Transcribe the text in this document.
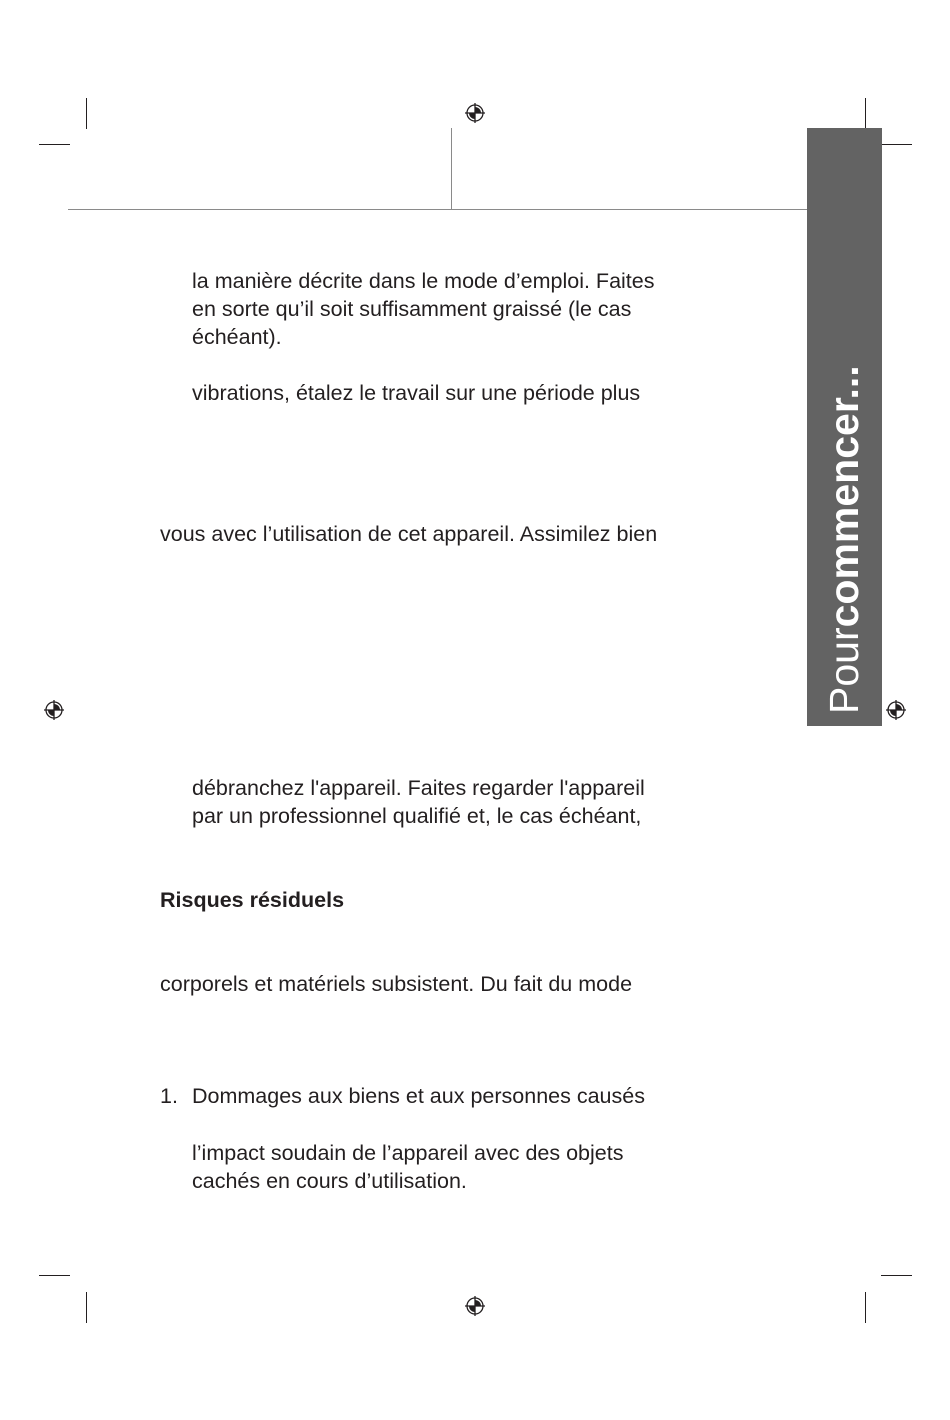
Pour
commencer...
la manière décrite dans le mode d’emploi. Faites
en sorte qu’il soit suffisamment graissé (le cas
échéant).
vibrations, étalez le travail sur une période plus
vous avec l’utilisation de cet appareil. Assimilez bien
débranchez l'appareil. Faites regarder l'appareil
par un professionnel qualifié et, le cas échéant,
Risques résiduels
corporels et matériels subsistent. Du fait du mode
1. Dommages aux biens et aux personnes causés
l’impact soudain de l’appareil avec des objets
cachés en cours d’utilisation.
